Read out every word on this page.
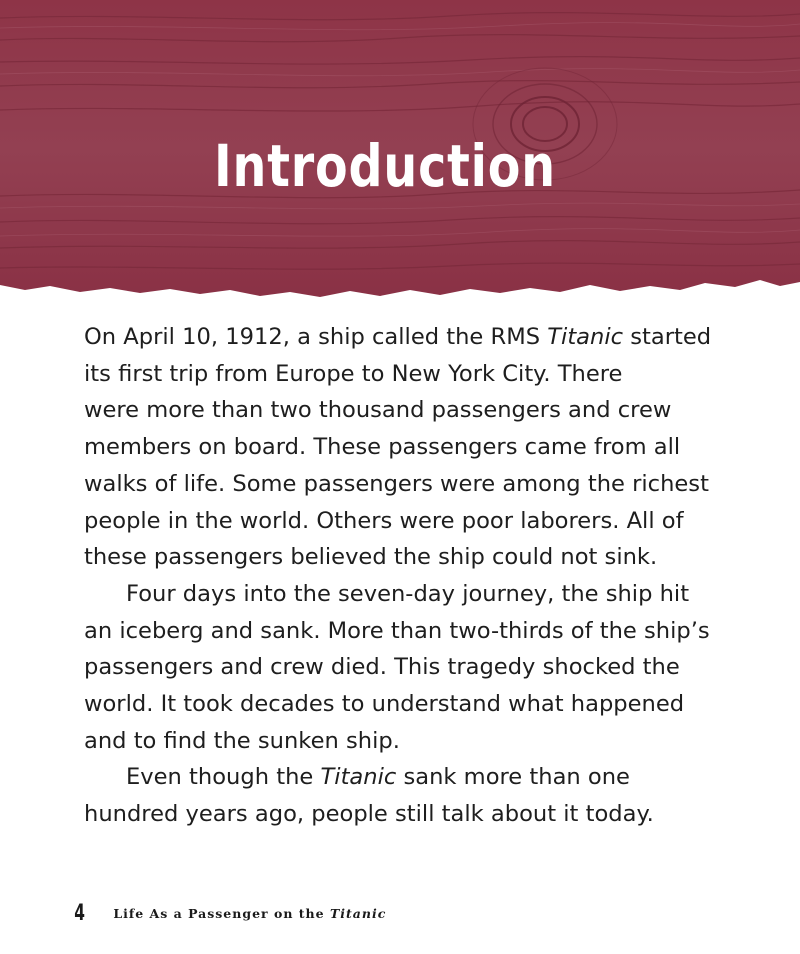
Introduction

On April 10, 1912, a ship called the RMS Titanic started
its first trip from Europe to New York City. There
were more than two thousand passengers and crew
members on board. These passengers came from all
walks of life. Some passengers were among the richest
people in the world. Others were poor laborers. All of
these passengers believed the ship could not sink.

Four days into the seven-day journey, the ship hit
an iceberg and sank. More than two-thirds of the ship’s
passengers and crew died. This tragedy shocked the
world. It took decades to understand what happened
and to find the sunken ship.

Even though the Titanic sank more than one
hundred years ago, people still talk about it today.

4 Life As a Passenger on the Titanic
